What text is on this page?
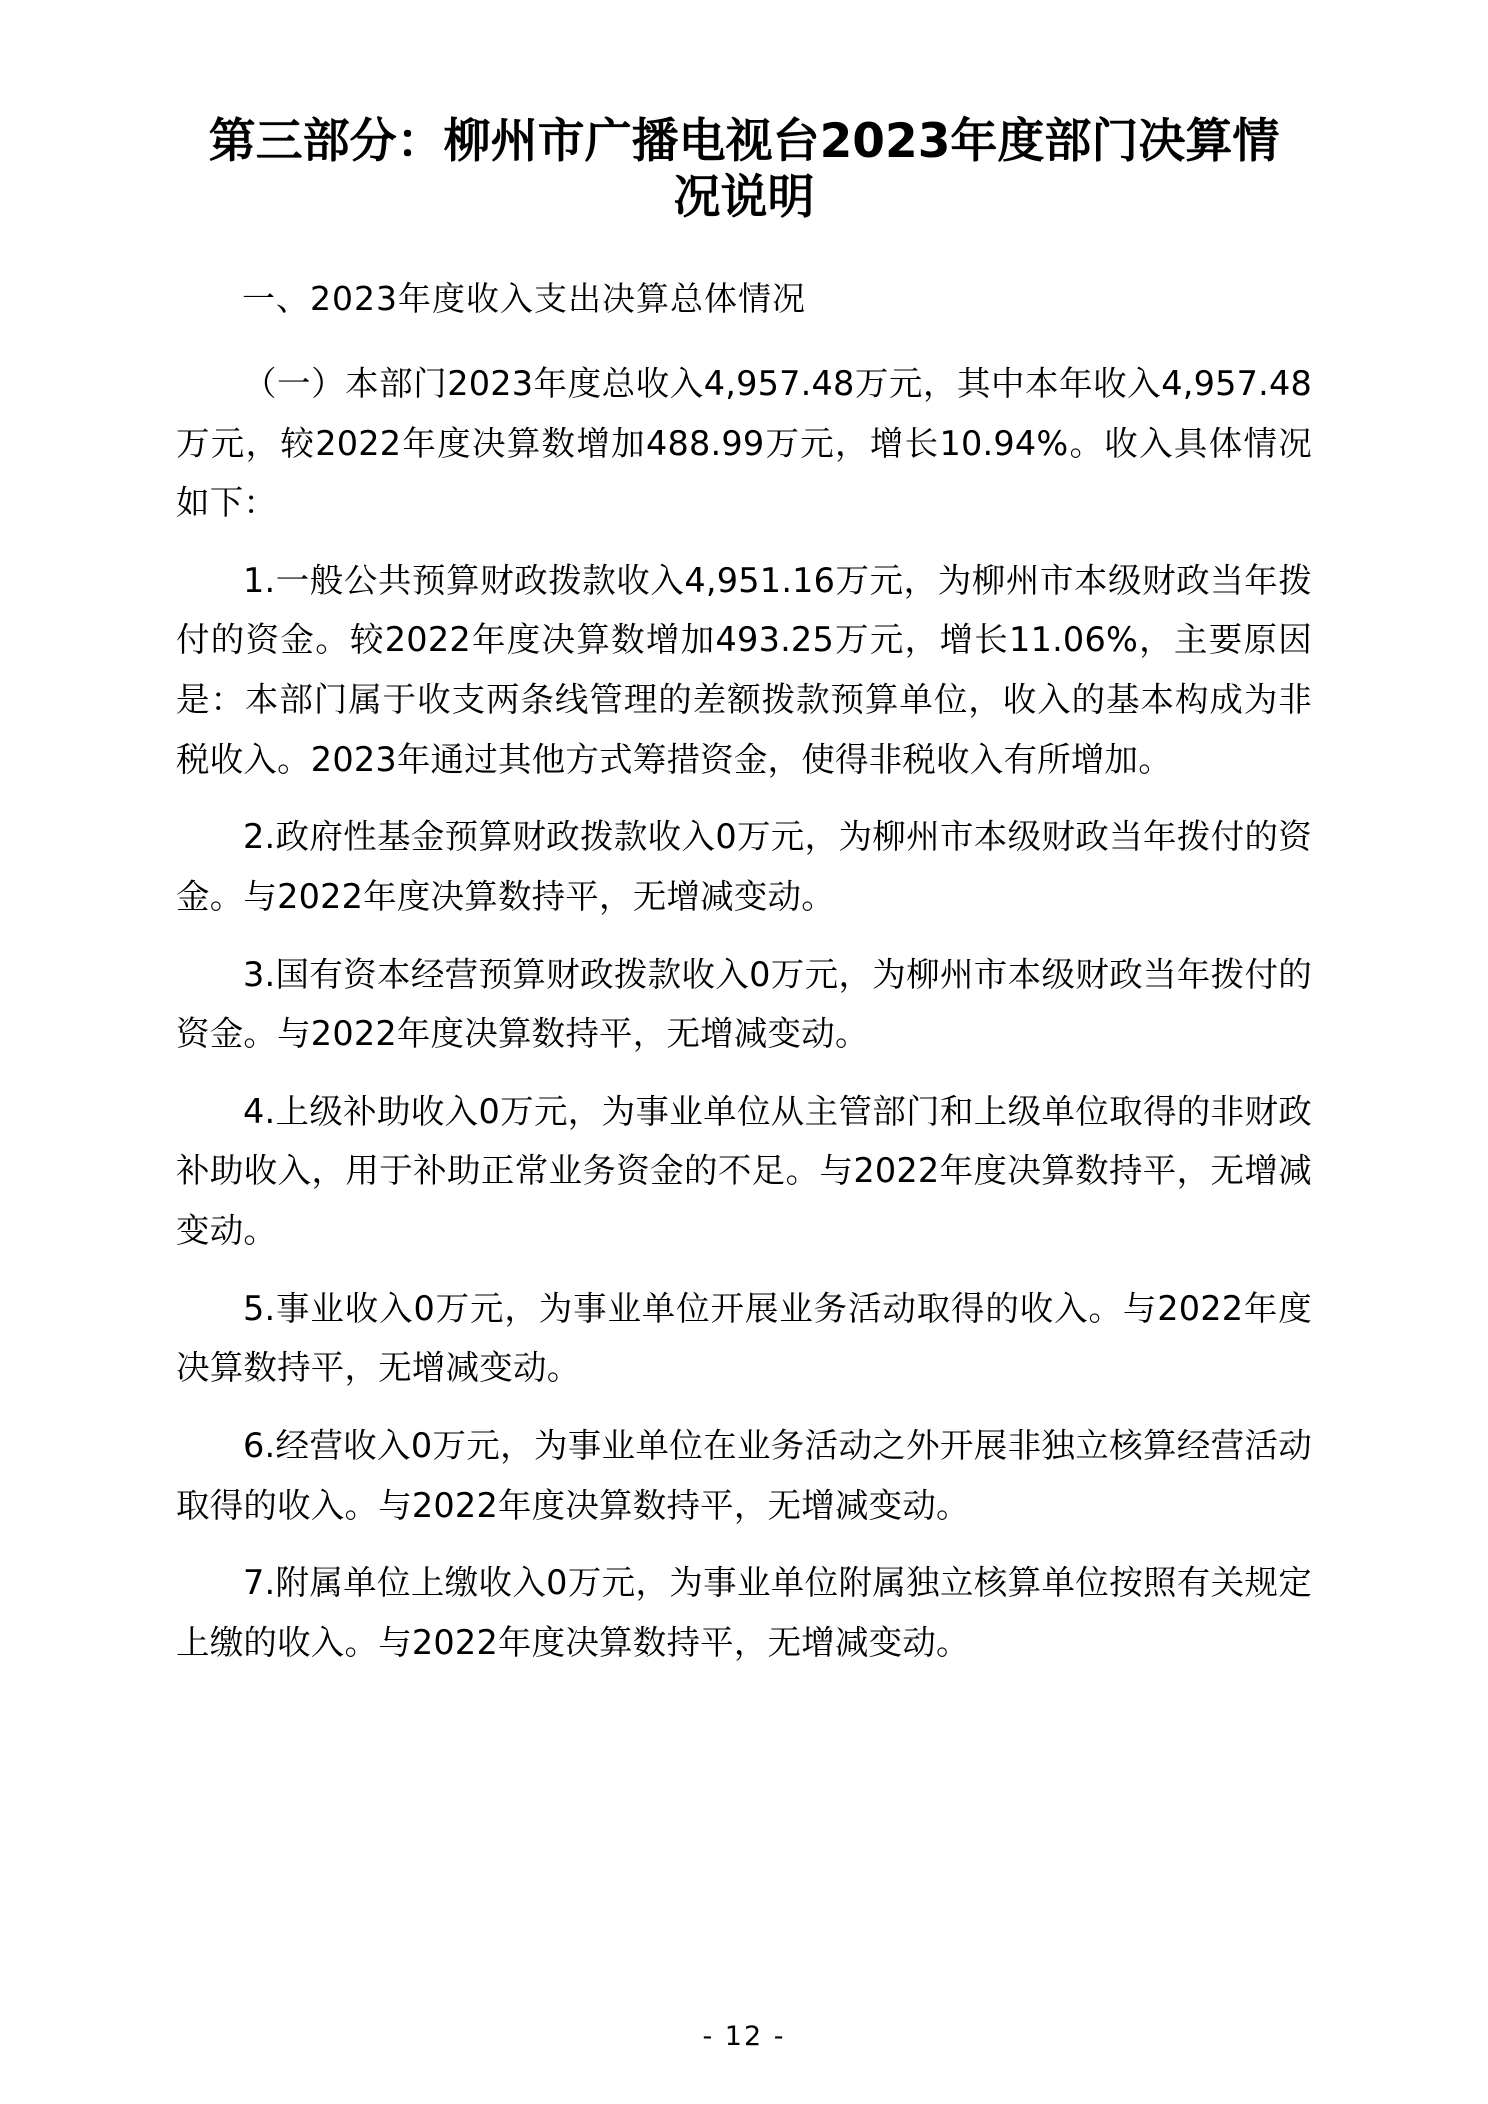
第三部分：柳州市广播电视台2023年度部门决算情况说明

一、2023年度收入支出决算总体情况

（一）本部门2023年度总收入4,957.48万元，其中本年收入4,957.48万元，较2022年度决算数增加488.99万元，增长10.94%。收入具体情况如下：

1.一般公共预算财政拨款收入4,951.16万元，为柳州市本级财政当年拨付的资金。较2022年度决算数增加493.25万元，增长11.06%，主要原因是：本部门属于收支两条线管理的差额拨款预算单位，收入的基本构成为非税收入。2023年通过其他方式筹措资金，使得非税收入有所增加。

2.政府性基金预算财政拨款收入0万元，为柳州市本级财政当年拨付的资金。与2022年度决算数持平，无增减变动。

3.国有资本经营预算财政拨款收入0万元，为柳州市本级财政当年拨付的资金。与2022年度决算数持平，无增减变动。

4.上级补助收入0万元，为事业单位从主管部门和上级单位取得的非财政补助收入，用于补助正常业务资金的不足。与2022年度决算数持平，无增减变动。

5.事业收入0万元，为事业单位开展业务活动取得的收入。与2022年度决算数持平，无增减变动。

6.经营收入0万元，为事业单位在业务活动之外开展非独立核算经营活动取得的收入。与2022年度决算数持平，无增减变动。

7.附属单位上缴收入0万元，为事业单位附属独立核算单位按照有关规定上缴的收入。与2022年度决算数持平，无增减变动。

- 12 -
